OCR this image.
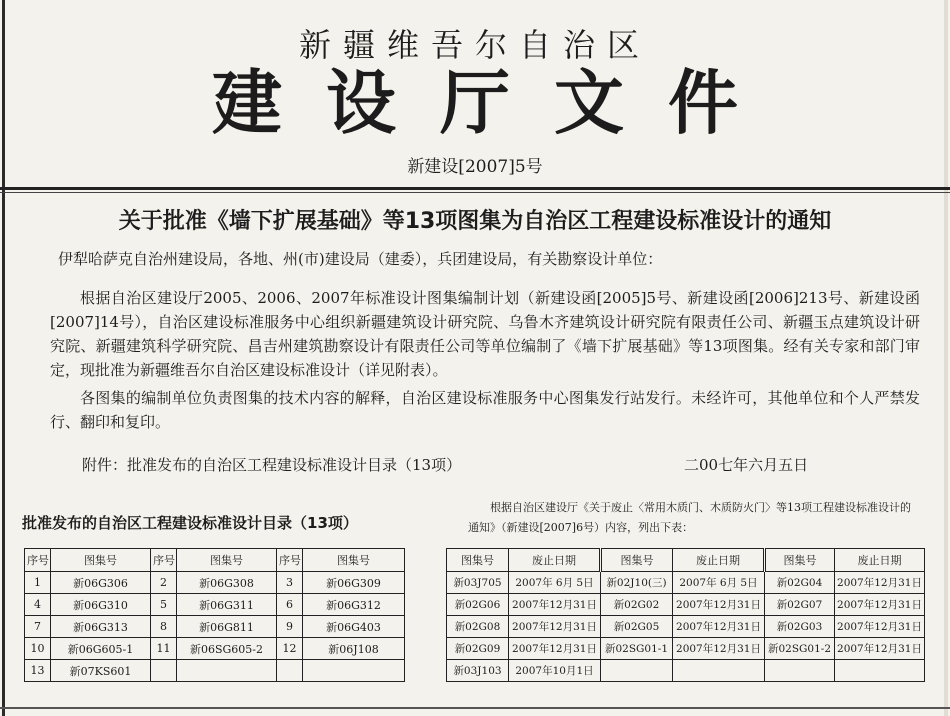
新疆维吾尔自治区
建设厅文件
新建设[2007]5号
关于批准《墙下扩展基础》等13项图集为自治区工程建设标准设计的通知
伊犁哈萨克自治州建设局，各地、州(市)建设局（建委），兵团建设局，有关勘察设计单位：

根据自治区建设厅2005、2006、2007年标准设计图集编制计划（新建设函[2005]5号、新建设函[2006]213号、新建设函[2007]14号），自治区建设标准服务中心组织新疆建筑设计研究院、乌鲁木齐建筑设计研究院有限责任公司、新疆玉点建筑设计研究院、新疆建筑科学研究院、昌吉州建筑勘察设计有限责任公司等单位编制了《墙下扩展基础》等13项图集。经有关专家和部门审定，现批准为新疆维吾尔自治区建设标准设计（详见附表）。

各图集的编制单位负责图集的技术内容的解释，自治区建设标准服务中心图集发行站发行。未经许可，其他单位和个人严禁发行、翻印和复印。

附件：批准发布的自治区工程建设标准设计目录（13项）	二00七年六月五日
批准发布的自治区工程建设标准设计目录（13项）
根据自治区建设厅《关于废止〈常用木质门、木质防火门〉等13项工程建设标准设计的通知》（新建设[2007]6号）内容，列出下表：
序号	图集号	序号	图集号	序号	图集号
1	新06G306	2	新06G308	3	新06G309
4	新06G310	5	新06G311	6	新06G312
7	新06G313	8	新06G811	9	新06G403
10	新06G605-1	11	新06SG605-2	12	新06J108
13	新07KS601				
图集号	废止日期	图集号	废止日期	图集号	废止日期
新03J705	2007年 6月 5日	新02J10(三)	2007年 6月 5日	新02G04	2007年12月31日
新02G06	2007年12月31日	新02G02	2007年12月31日	新02G07	2007年12月31日
新02G08	2007年12月31日	新02G05	2007年12月31日	新02G03	2007年12月31日
新02G09	2007年12月31日	新02SG01-1	2007年12月31日	新02SG01-2	2007年12月31日
新03J103	2007年10月1日				
